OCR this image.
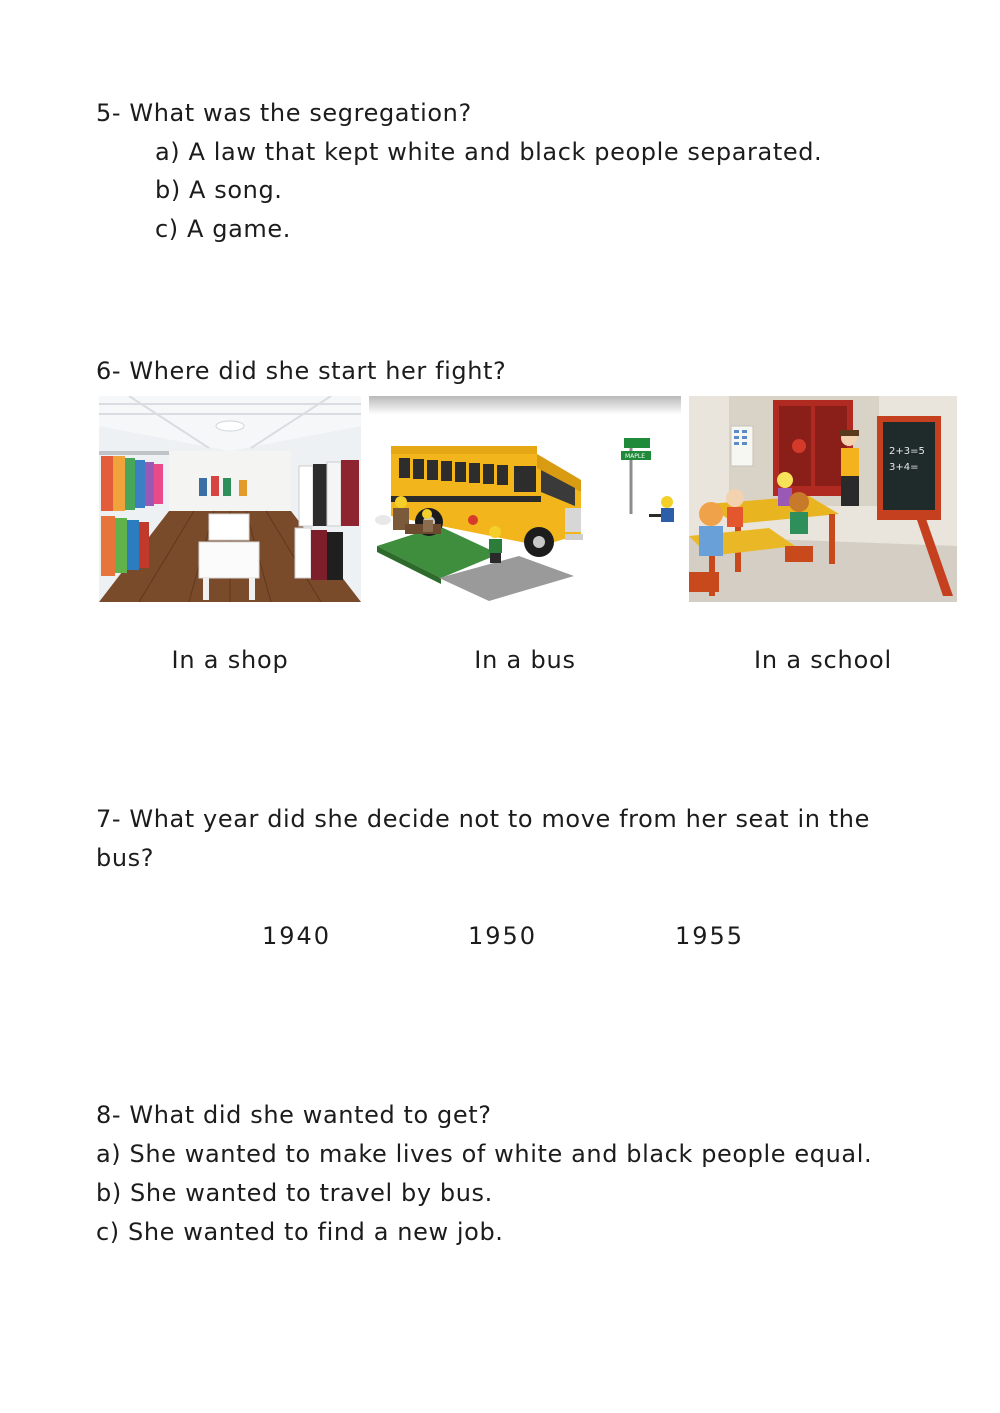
5- What was the segregation?
a) A law that kept white and black people separated.
b) A song.
c) A game.
6- Where did she start her fight?
MAPLE	2+3=5
3+4=
In a shop	In a bus	In a school
7- What year did she decide not to move from her seat in the
bus?
1940	1950	1955
8- What did she wanted to get?
a) She wanted to make lives of white and black people equal.
b) She wanted to travel by bus.
c) She wanted to find a new job.
